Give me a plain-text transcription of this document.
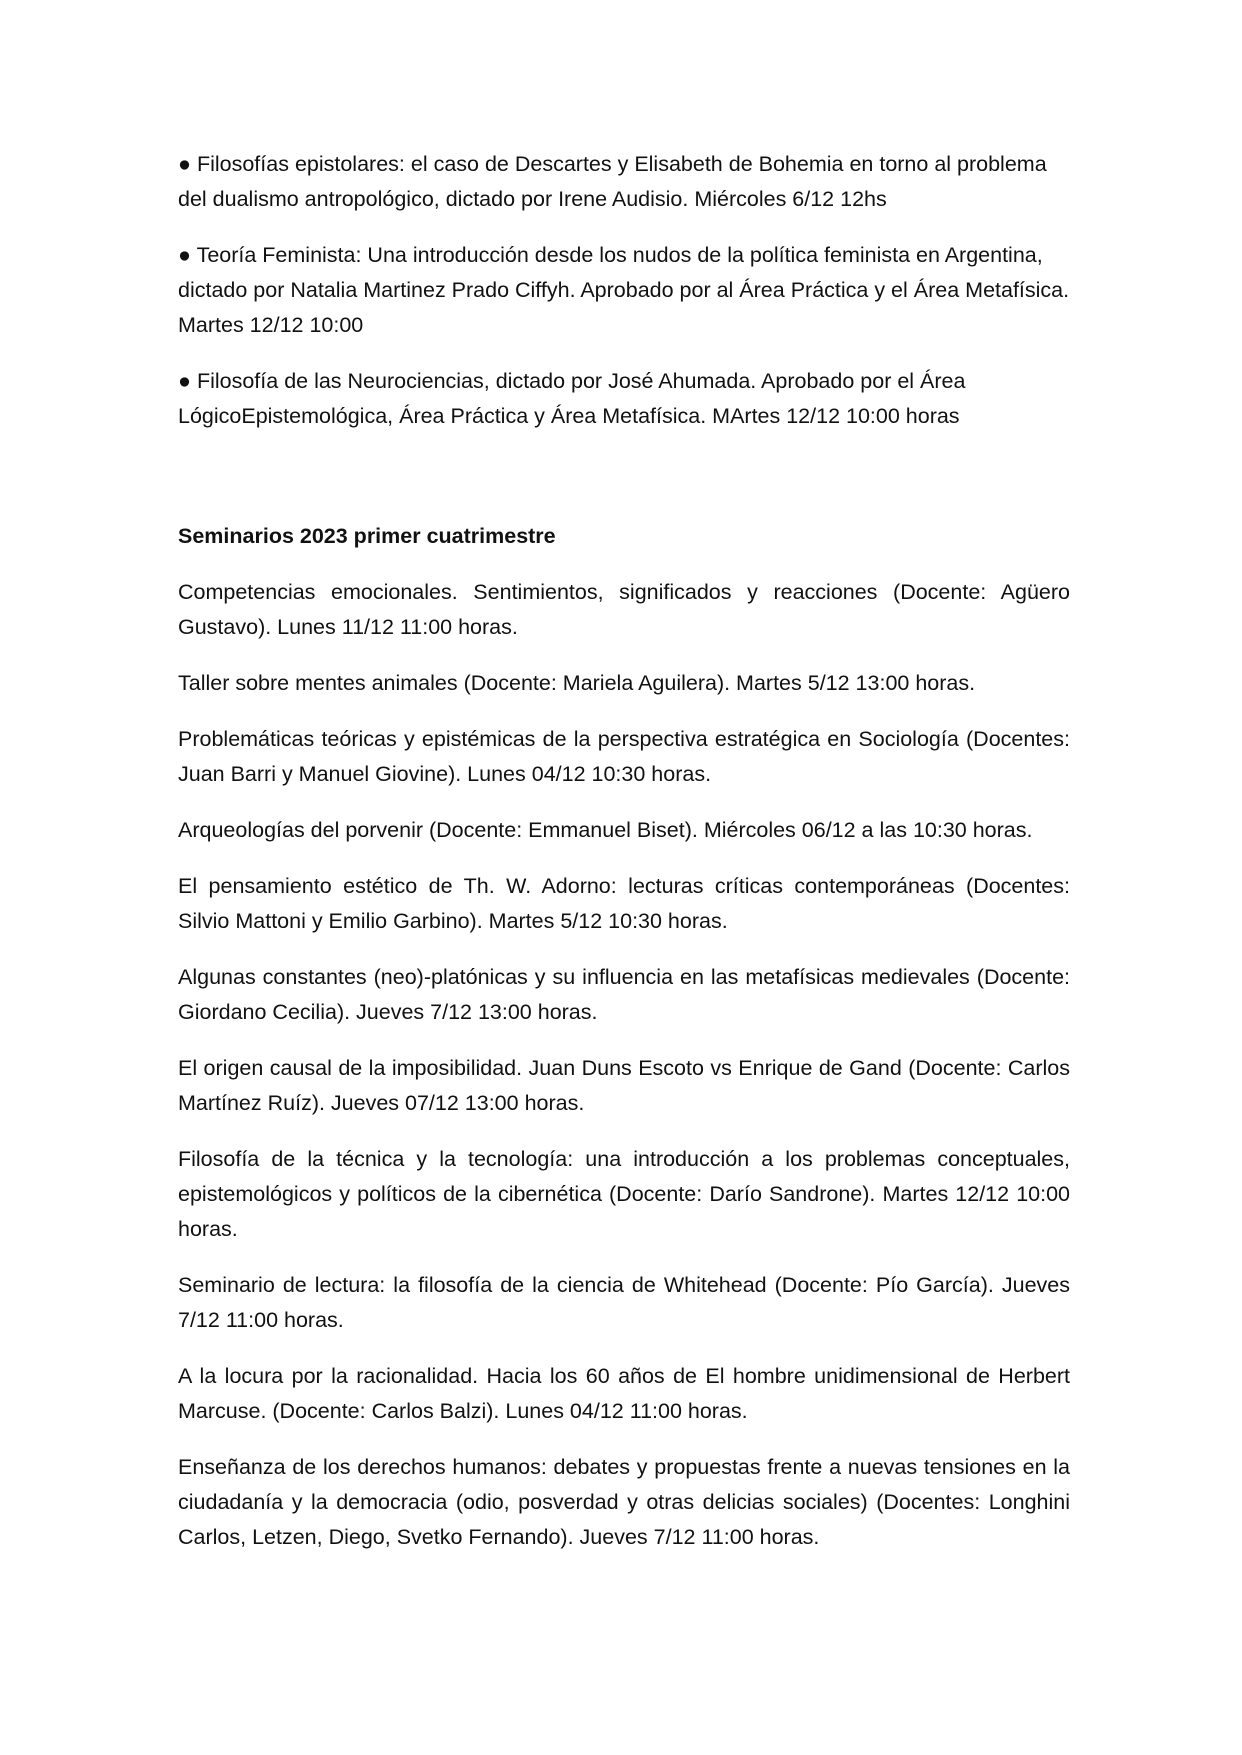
● Filosofías epistolares: el caso de Descartes y Elisabeth de Bohemia en torno al problema del dualismo antropológico, dictado por Irene Audisio. Miércoles 6/12 12hs

● Teoría Feminista: Una introducción desde los nudos de la política feminista en Argentina, dictado por Natalia Martinez Prado Ciffyh. Aprobado por al Área Práctica y el Área Metafísica. Martes 12/12 10:00

● Filosofía de las Neurociencias, dictado por José Ahumada. Aprobado por el Área LógicoEpistemológica, Área Práctica y Área Metafísica. MArtes 12/12 10:00 horas

Seminarios 2023 primer cuatrimestre

Competencias emocionales. Sentimientos, significados y reacciones (Docente: Agüero Gustavo). Lunes 11/12 11:00 horas.

Taller sobre mentes animales (Docente: Mariela Aguilera). Martes 5/12 13:00 horas.

Problemáticas teóricas y epistémicas de la perspectiva estratégica en Sociología (Docentes: Juan Barri y Manuel Giovine). Lunes 04/12 10:30 horas.

Arqueologías del porvenir (Docente: Emmanuel Biset). Miércoles 06/12 a las 10:30 horas.

El pensamiento estético de Th. W. Adorno: lecturas críticas contemporáneas (Docentes: Silvio Mattoni y Emilio Garbino). Martes 5/12 10:30 horas.

Algunas constantes (neo)-platónicas y su influencia en las metafísicas medievales (Docente: Giordano Cecilia). Jueves 7/12 13:00 horas.

El origen causal de la imposibilidad. Juan Duns Escoto vs Enrique de Gand (Docente: Carlos Martínez Ruíz). Jueves 07/12 13:00 horas.

Filosofía de la técnica y la tecnología: una introducción a los problemas conceptuales, epistemológicos y políticos de la cibernética (Docente: Darío Sandrone). Martes 12/12 10:00 horas.

Seminario de lectura: la filosofía de la ciencia de Whitehead (Docente: Pío García). Jueves 7/12 11:00 horas.

A la locura por la racionalidad. Hacia los 60 años de El hombre unidimensional de Herbert Marcuse. (Docente: Carlos Balzi). Lunes 04/12 11:00 horas.

Enseñanza de los derechos humanos: debates y propuestas frente a nuevas tensiones en la ciudadanía y la democracia (odio, posverdad y otras delicias sociales) (Docentes: Longhini Carlos, Letzen, Diego, Svetko Fernando). Jueves 7/12 11:00 horas.
